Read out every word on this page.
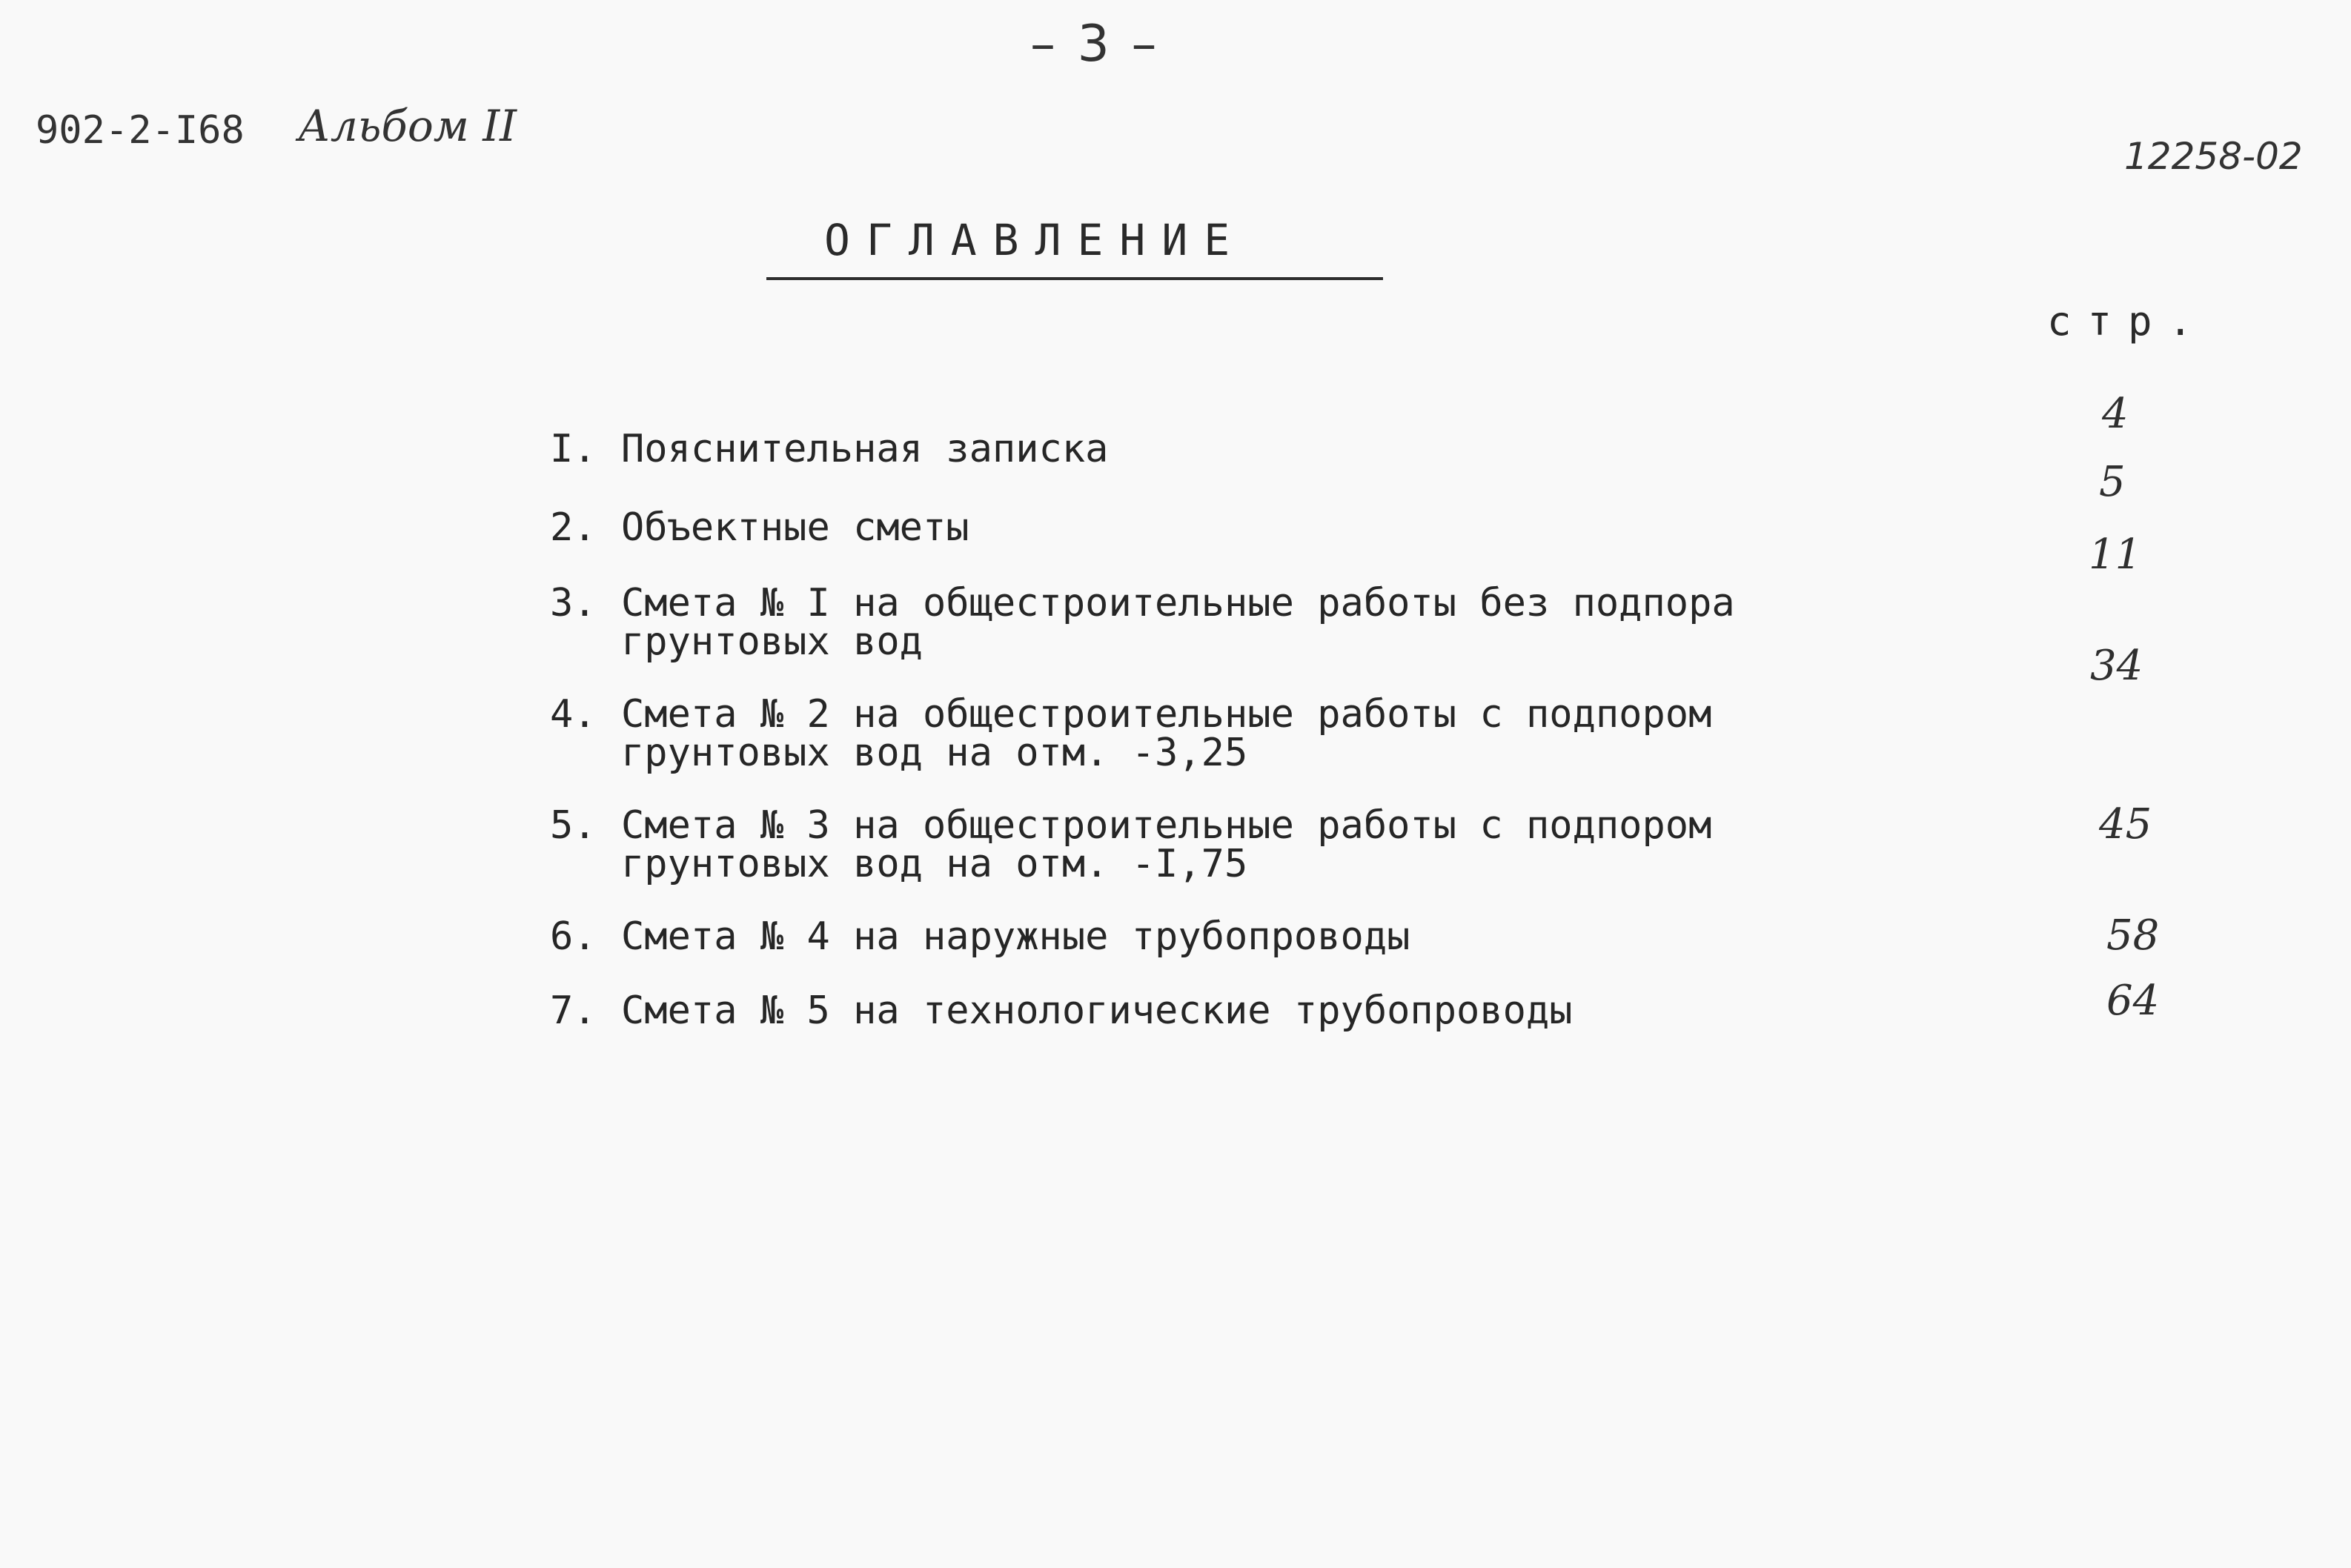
– 3 –
902-2-I68 Альбом II
12258-02
ОГЛАВЛЕНИЕ
стр.
I. Пояснительная записка
2. Объектные сметы
3. Смета № I на общестроительные работы без подпора
грунтовых вод
4. Смета № 2 на общестроительные работы с подпором
грунтовых вод на отм. -3,25
5. Смета № 3 на общестроительные работы с подпором
грунтовых вод на отм. -I,75
6. Смета № 4 на наружные трубопроводы
7. Смета № 5 на технологические трубопроводы
4
5
11
34
45
58
64
